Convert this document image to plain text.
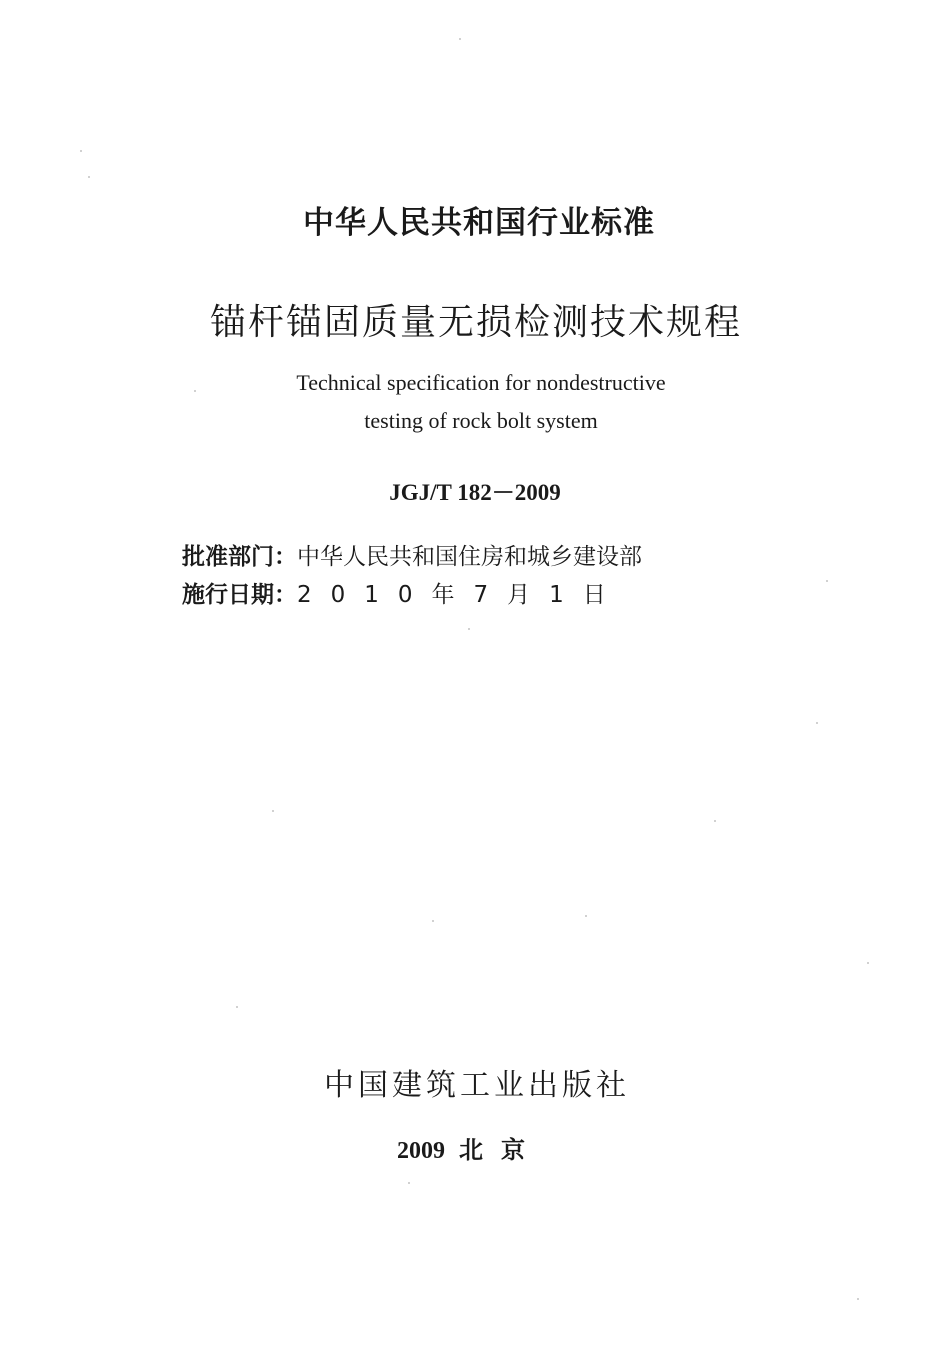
中华人民共和国行业标准
锚杆锚固质量无损检测技术规程
Technical specification for nondestructive
testing of rock bolt system
JGJ/T 182－2009
批准部门：中华人民共和国住房和城乡建设部
施行日期：2010年7月1日
中国建筑工业出版社
2009 北京
